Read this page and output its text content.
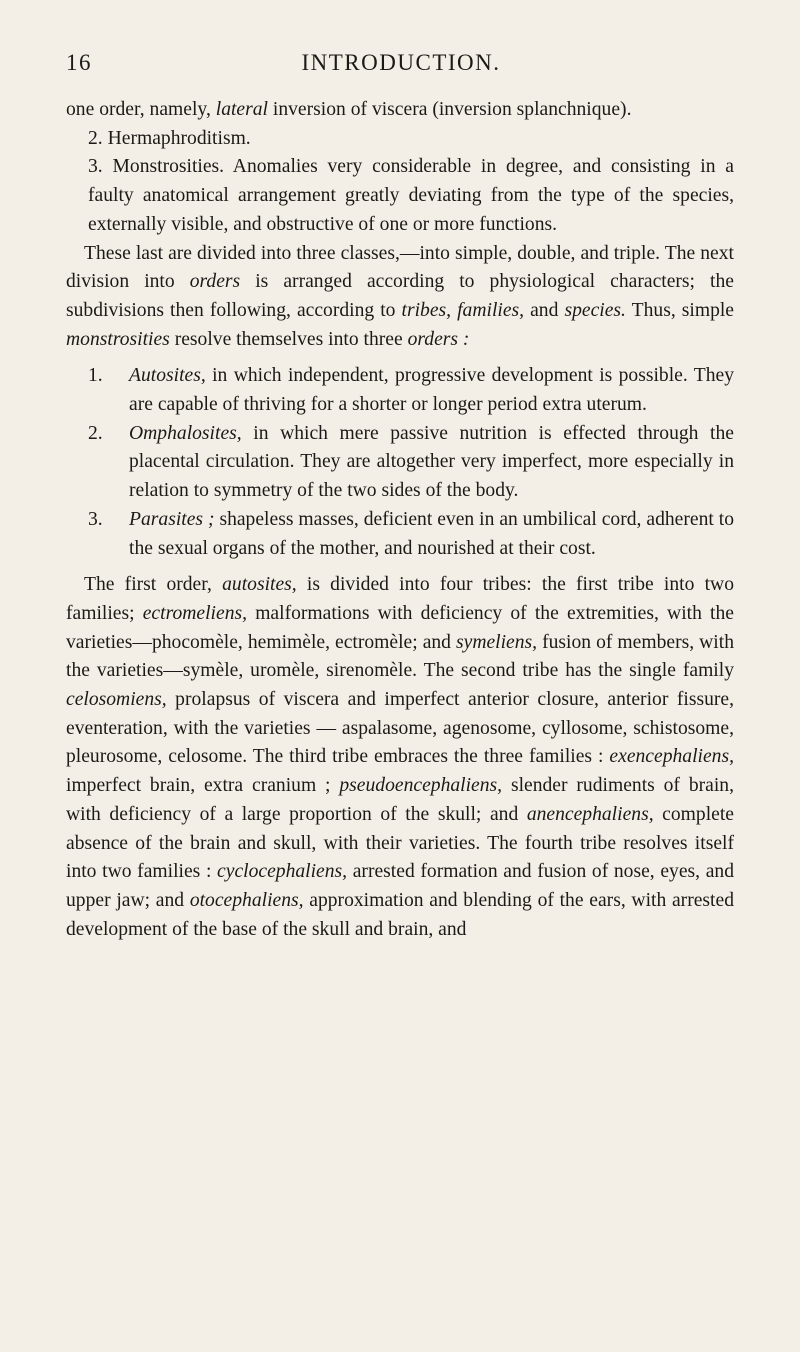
16	INTRODUCTION.

one order, namely, lateral inversion of viscera (inversion splanchnique).

2. Hermaphroditism.

3. Monstrosities. Anomalies very considerable in degree, and consisting in a faulty anatomical arrangement greatly deviating from the type of the species, externally visible, and obstructive of one or more functions.

These last are divided into three classes,—into simple, double, and triple. The next division into orders is arranged according to physiological characters; the subdivisions then following, according to tribes, families, and species. Thus, simple monstrosities resolve themselves into three orders :

1.	Autosites, in which independent, progressive development is possible. They are capable of thriving for a shorter or longer period extra uterum.
2.	Omphalosites, in which mere passive nutrition is effected through the placental circulation. They are altogether very imperfect, more especially in relation to symmetry of the two sides of the body.
3.	Parasites ; shapeless masses, deficient even in an umbilical cord, adherent to the sexual organs of the mother, and nourished at their cost.

The first order, autosites, is divided into four tribes: the first tribe into two families; ectromeliens, malformations with deficiency of the extremities, with the varieties—phocomèle, hemimèle, ectromèle; and symeliens, fusion of members, with the varieties—symèle, uromèle, sirenomèle. The second tribe has the single family celosomiens, prolapsus of viscera and imperfect anterior closure, anterior fissure, eventeration, with the varieties — aspalasome, agenosome, cyllosome, schistosome, pleurosome, celosome. The third tribe embraces the three families : exencephaliens, imperfect brain, extra cranium ; pseudoencephaliens, slender rudiments of brain, with deficiency of a large proportion of the skull; and anencephaliens, complete absence of the brain and skull, with their varieties. The fourth tribe resolves itself into two families : cyclocephaliens, arrested formation and fusion of nose, eyes, and upper jaw; and otocephaliens, approximation and blending of the ears, with arrested development of the base of the skull and brain, and
